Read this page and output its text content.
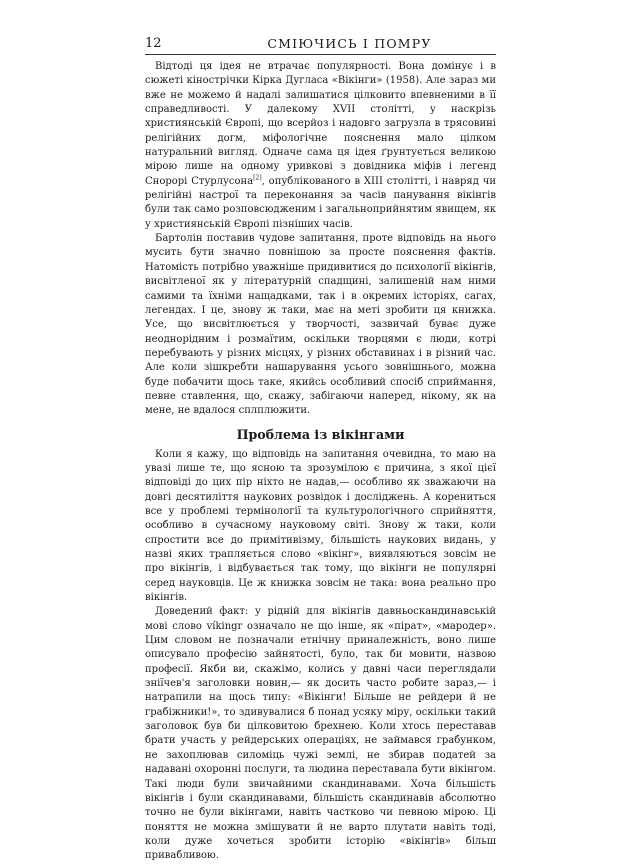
12	СМІЮЧИСЬ І ПОМРУ

Відтоді ця ідея не втрачає популярності. Вона домінує і в сюжеті кінострічки Кірка Дугласа «Вікінги» (1958). Але зараз ми вже не можемо й надалі залишатися цілковито впевненими в її справедливості. У далекому XVII столітті, у наскрізь християнській Європі, що всерйоз і надовго загрузла в трясовині релігійних догм, міфологічне пояснення мало цілком натуральний вигляд. Одначе сама ця ідея ґрунтується великою мірою лише на одному уривкові з довідника міфів і легенд Снорорі Стурлусона[2], опублікованого в XIII столітті, і навряд чи релігійні настрої та переконання за часів панування вікінгів були так само розповсюдженим і загальноприйнятим явищем, як у християнській Європі пізніших часів.

Бартолін поставив чудове запитання, проте відповідь на нього мусить бути значно повнішою за просте пояснення фактів. Натомість потрібно уважніше придивитися до психології вікінгів, висвітленої як у літературній спадщині, залишеній нам ними самими та їхніми нащадками, так і в окремих історіях, сагах, легендах. І це, знову ж таки, має на меті зробити ця книжка. Усе, що висвітлюється у творчості, зазвичай буває дуже неоднорідним і розмаїтим, оскільки творцями є люди, котрі перебувають у різних місцях, у різних обставинах і в різний час. Але коли зішкребти нашарування усього зовнішнього, можна буде побачити щось таке, якийсь особливий спосіб сприймання, певне ставлення, що, скажу, забігаючи наперед, нікому, як на мене, не вдалося сплплюжити.

Проблема із вікінгами

Коли я кажу, що відповідь на запитання очевидна, то маю на увазі лише те, що ясною та зрозумілою є причина, з якої цієї відповіді до цих пір ніхто не надав,— особливо як зважаючи на довгі десятиліття наукових розвідок і досліджень. А корениться все у проблемі термінології та культурологічного сприйняття, особливо в сучасному науковому світі. Знову ж таки, коли спростити все до примітивізму, більшість наукових видань, у назві яких трапляється слово «вікінг», виявляються зовсім не про вікінгів, і відбувається так тому, що вікінги не популярні серед науковців. Це ж книжка зовсім не така: вона реально про вікінгів.

Доведений факт: у рідній для вікінгів давньоскандинавській мові слово víkingr означало не що інше, як «пірат», «мародер». Цим словом не позначали етнічну приналежність, воно лише описувало професію зайнятості, було, так би мовити, назвою професії. Якби ви, скажімо, колись у давні часи переглядали зніїчев'я заголовки новин,— як досить часто робите зараз,— і натрапили на щось типу: «Вікінги! Більше не рейдери й не грабіжники!», то здивувалися б понад усяку міру, оскільки такий заголовок був би цілковитою брехнею. Коли хтось переставав брати участь у рейдерських операціях, не займався грабунком, не захоплював силоміць чужі землі, не збирав податей за надавані охоронні послуги, та людина переставала бути вікінгом. Такі люди були звичайними скандинавами. Хоча більшість вікінгів і були скандинавами, більшість скандинавів абсолютно точно не були вікінгами, навіть частково чи певною мірою. Ці поняття не можна змішувати й не варто плутати навіть тоді, коли дуже хочеться зробити історію «вікінгів» більш привабливою.
